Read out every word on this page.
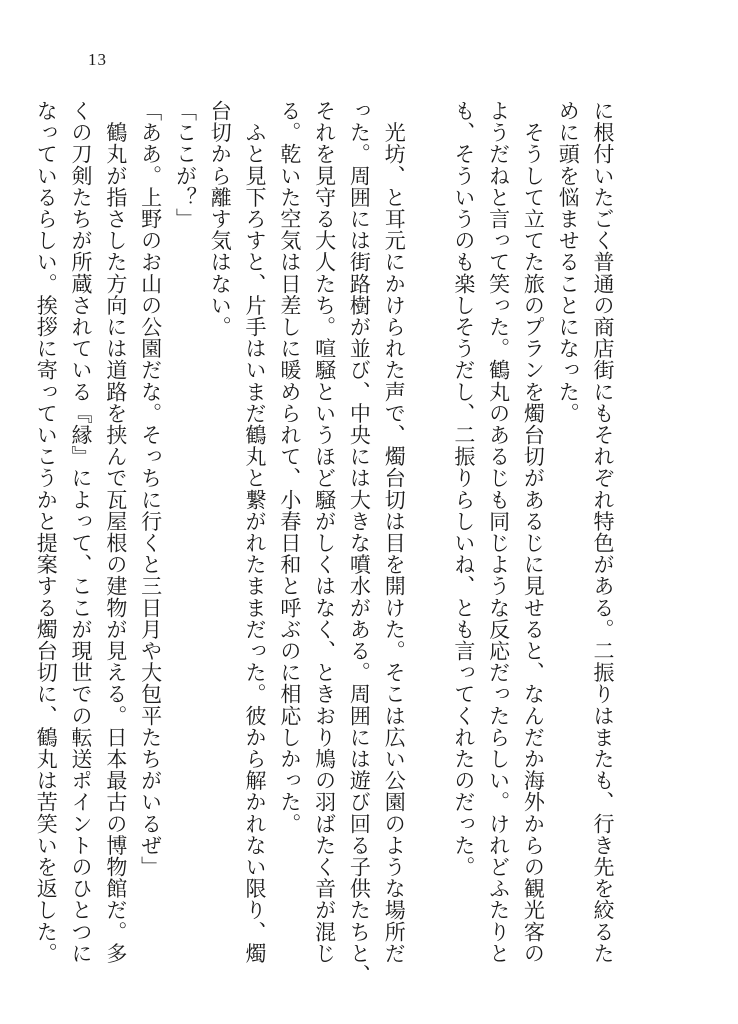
13

に根付いたごく普通の商店街にもそれぞれ特色がある。二振りはまたも、行き先を絞るた

めに頭を悩ませることになった。

　そうして立てた旅のプランを燭台切があるじに見せると、なんだか海外からの観光客の

ようだねと言って笑った。鶴丸のあるじも同じような反応だったらしい。けれどふたりと

も、そういうのも楽しそうだし、二振りらしいね、とも言ってくれたのだった。

　光坊、と耳元にかけられた声で、燭台切は目を開けた。そこは広い公園のような場所だ

った。周囲には街路樹が並び、中央には大きな噴水がある。周囲には遊び回る子供たちと、

それを見守る大人たち。喧騒というほど騒がしくはなく、ときおり鳩の羽ばたく音が混じ

る。乾いた空気は日差しに暖められて、小春日和と呼ぶのに相応しかった。

　ふと見下ろすと、片手はいまだ鶴丸と繋がれたままだった。彼から解かれない限り、燭

台切から離す気はない。

「ここが？」

「ああ。上野のお山の公園だな。そっちに行くと三日月や大包平たちがいるぜ」

　鶴丸が指さした方向には道路を挟んで瓦屋根の建物が見える。日本最古の博物館だ。多

くの刀剣たちが所蔵されている『縁』によって、ここが現世での転送ポイントのひとつに

なっているらしい。挨拶に寄っていこうかと提案する燭台切に、鶴丸は苦笑いを返した。
